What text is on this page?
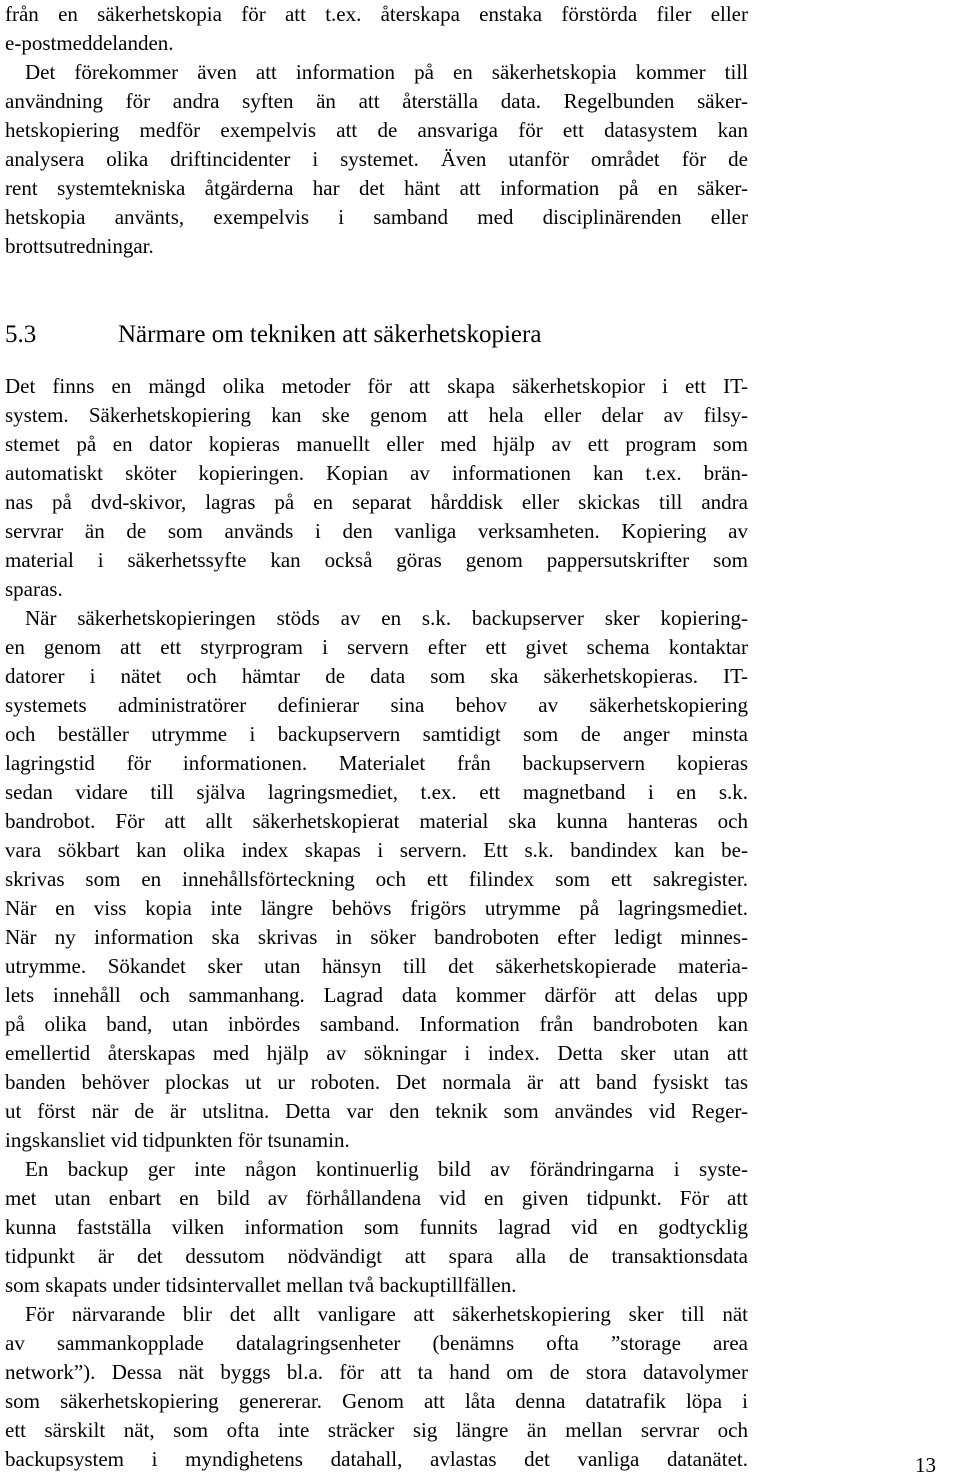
från en säkerhetskopia för att t.ex. återskapa enstaka förstörda filer eller
e-postmeddelanden.
Det förekommer även att information på en säkerhetskopia kommer till
användning för andra syften än att återställa data. Regelbunden säker-
hetskopiering medför exempelvis att de ansvariga för ett datasystem kan
analysera olika driftincidenter i systemet. Även utanför området för de
rent systemtekniska åtgärderna har det hänt att information på en säker-
hetskopia använts, exempelvis i samband med disciplinärenden eller
brottsutredningar.
5.3	Närmare om tekniken att säkerhetskopiera
Det finns en mängd olika metoder för att skapa säkerhetskopior i ett IT-
system. Säkerhetskopiering kan ske genom att hela eller delar av filsy-
stemet på en dator kopieras manuellt eller med hjälp av ett program som
automatiskt sköter kopieringen. Kopian av informationen kan t.ex. brän-
nas på dvd-skivor, lagras på en separat hårddisk eller skickas till andra
servrar än de som används i den vanliga verksamheten. Kopiering av
material i säkerhetssyfte kan också göras genom pappersutskrifter som
sparas.
När säkerhetskopieringen stöds av en s.k. backupserver sker kopiering-
en genom att ett styrprogram i servern efter ett givet schema kontaktar
datorer i nätet och hämtar de data som ska säkerhetskopieras. IT-
systemets administratörer definierar sina behov av säkerhetskopiering
och beställer utrymme i backupservern samtidigt som de anger minsta
lagringstid för informationen. Materialet från backupservern kopieras
sedan vidare till själva lagringsmediet, t.ex. ett magnetband i en s.k.
bandrobot. För att allt säkerhetskopierat material ska kunna hanteras och
vara sökbart kan olika index skapas i servern. Ett s.k. bandindex kan be-
skrivas som en innehållsförteckning och ett filindex som ett sakregister.
När en viss kopia inte längre behövs frigörs utrymme på lagringsmediet.
När ny information ska skrivas in söker bandroboten efter ledigt minnes-
utrymme. Sökandet sker utan hänsyn till det säkerhetskopierade materia-
lets innehåll och sammanhang. Lagrad data kommer därför att delas upp
på olika band, utan inbördes samband. Information från bandroboten kan
emellertid återskapas med hjälp av sökningar i index. Detta sker utan att
banden behöver plockas ut ur roboten. Det normala är att band fysiskt tas
ut först när de är utslitna. Detta var den teknik som användes vid Reger-
ingskansliet vid tidpunkten för tsunamin.
En backup ger inte någon kontinuerlig bild av förändringarna i syste-
met utan enbart en bild av förhållandena vid en given tidpunkt. För att
kunna fastställa vilken information som funnits lagrad vid en godtycklig
tidpunkt är det dessutom nödvändigt att spara alla de transaktionsdata
som skapats under tidsintervallet mellan två backuptillfällen.
För närvarande blir det allt vanligare att säkerhetskopiering sker till nät
av sammankopplade datalagringsenheter (benämns ofta ”storage area
network”). Dessa nät byggs bl.a. för att ta hand om de stora datavolymer
som säkerhetskopiering genererar. Genom att låta denna datatrafik löpa i
ett särskilt nät, som ofta inte sträcker sig längre än mellan servrar och
backupsystem i myndighetens datahall, avlastas det vanliga datanätet.	13
